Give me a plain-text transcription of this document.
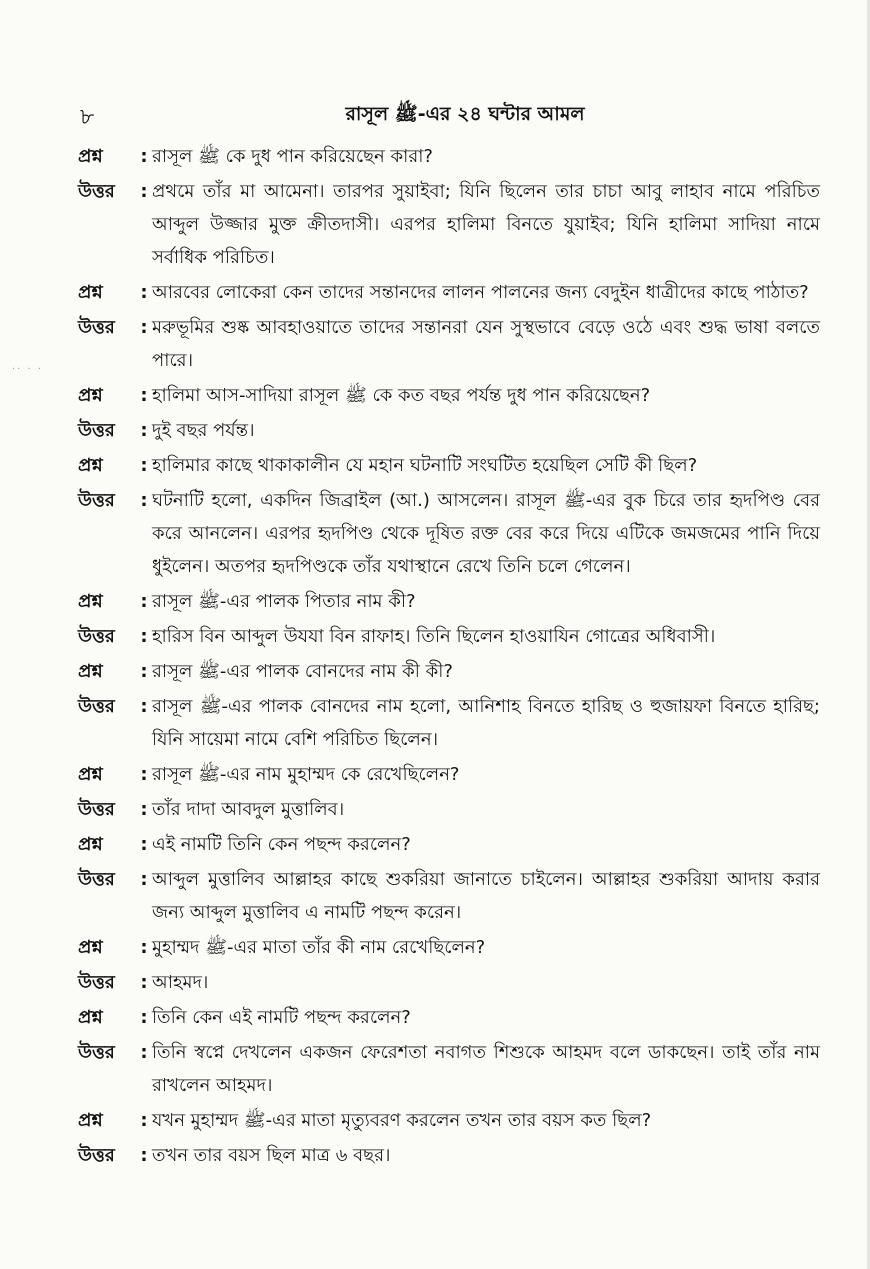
·· · ·
৮	রাসূল ﷺ-এর ২৪ ঘন্টার আমল
প্রশ্ন	: রাসূল ﷺ কে দুধ পান করিয়েছেন কারা?
উত্তর	: প্রথমে তাঁর মা আমেনা। তারপর সুয়াইবা; যিনি ছিলেন তার চাচা আবু লাহাব নামে পরিচিত আব্দুল উজ্জার মুক্ত ক্রীতদাসী। এরপর হালিমা বিনতে যুয়াইব; যিনি হালিমা সাদিয়া নামে সর্বাধিক পরিচিত।
প্রশ্ন	: আরবের লোকেরা কেন তাদের সন্তানদের লালন পালনের জন্য বেদুইন ধাত্রীদের কাছে পাঠাত?
উত্তর	: মরুভূমির শুষ্ক আবহাওয়াতে তাদের সন্তানরা যেন সুস্থভাবে বেড়ে ওঠে এবং শুদ্ধ ভাষা বলতে পারে।
প্রশ্ন	: হালিমা আস-সাদিয়া রাসূল ﷺ কে কত বছর পর্যন্ত দুধ পান করিয়েছেন?
উত্তর	: দুই বছর পর্যন্ত।
প্রশ্ন	: হালিমার কাছে থাকাকালীন যে মহান ঘটনাটি সংঘটিত হয়েছিল সেটি কী ছিল?
উত্তর	: ঘটনাটি হলো, একদিন জিব্রাইল (আ.) আসলেন। রাসূল ﷺ-এর বুক চিরে তার হৃদপিণ্ড বের করে আনলেন। এরপর হৃদপিণ্ড থেকে দূষিত রক্ত বের করে দিয়ে এটিকে জমজমের পানি দিয়ে ধুইলেন। অতপর হৃদপিণ্ডকে তাঁর যথাস্থানে রেখে তিনি চলে গেলেন।
প্রশ্ন	: রাসূল ﷺ-এর পালক পিতার নাম কী?
উত্তর	: হারিস বিন আব্দুল উযযা বিন রাফাহ। তিনি ছিলেন হাওয়াযিন গোত্রের অধিবাসী।
প্রশ্ন	: রাসূল ﷺ-এর পালক বোনদের নাম কী কী?
উত্তর	: রাসূল ﷺ-এর পালক বোনদের নাম হলো, আনিশাহ বিনতে হারিছ ও হুজায়ফা বিনতে হারিছ; যিনি সায়েমা নামে বেশি পরিচিত ছিলেন।
প্রশ্ন	: রাসূল ﷺ-এর নাম মুহাম্মদ কে রেখেছিলেন?
উত্তর	: তাঁর দাদা আবদুল মুত্তালিব।
প্রশ্ন	: এই নামটি তিনি কেন পছন্দ করলেন?
উত্তর	: আব্দুল মুত্তালিব আল্লাহর কাছে শুকরিয়া জানাতে চাইলেন। আল্লাহর শুকরিয়া আদায় করার জন্য আব্দুল মুত্তালিব এ নামটি পছন্দ করেন।
প্রশ্ন	: মুহাম্মদ ﷺ-এর মাতা তাঁর কী নাম রেখেছিলেন?
উত্তর	: আহমদ।
প্রশ্ন	: তিনি কেন এই নামটি পছন্দ করলেন?
উত্তর	: তিনি স্বপ্নে দেখলেন একজন ফেরেশতা নবাগত শিশুকে আহমদ বলে ডাকছেন। তাই তাঁর নাম রাখলেন আহমদ।
প্রশ্ন	: যখন মুহাম্মদ ﷺ-এর মাতা মৃত্যুবরণ করলেন তখন তার বয়স কত ছিল?
উত্তর	: তখন তার বয়স ছিল মাত্র ৬ বছর।
